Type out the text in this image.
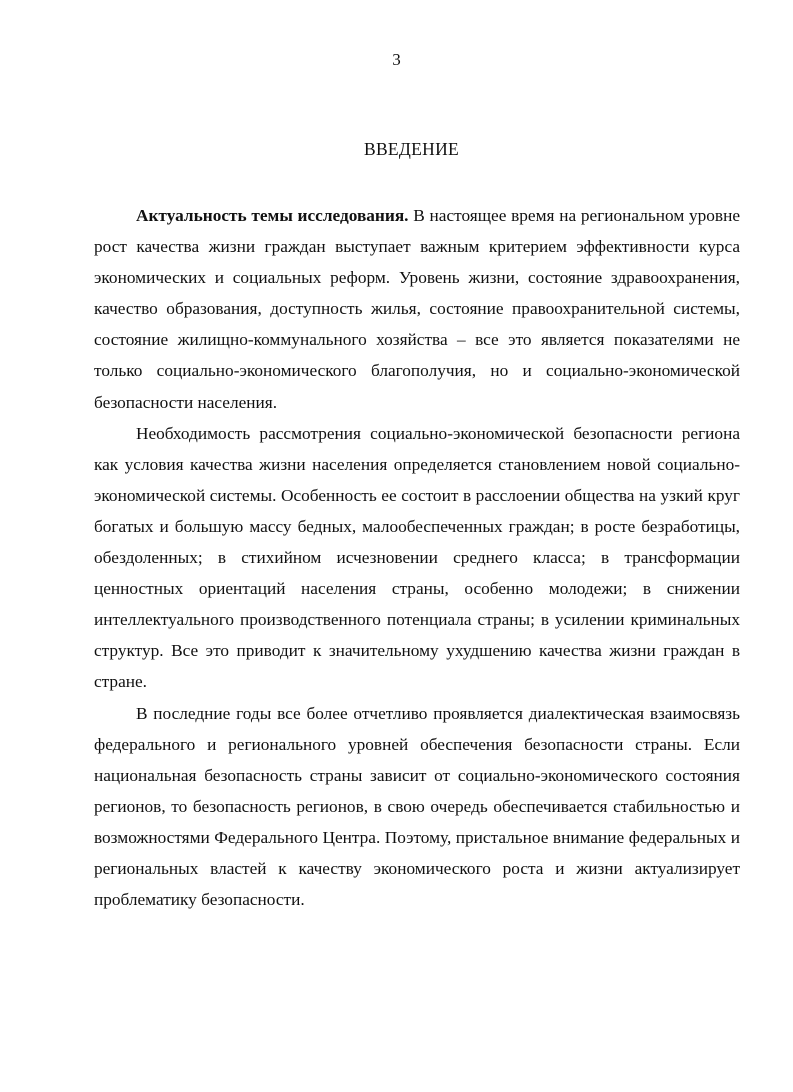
3
ВВЕДЕНИЕ

Актуальность темы исследования. В настоящее время на региональном уровне рост качества жизни граждан выступает важным критерием эффективности курса экономических и социальных реформ. Уровень жизни, состояние здравоохранения, качество образования, доступность жилья, состояние правоохранительной системы, состояние жилищно-коммунального хозяйства – все это является показателями не только социально-экономического благополучия, но и социально-экономической безопасности населения.

Необходимость рассмотрения социально-экономической безопасности региона как условия качества жизни населения определяется становлением новой социально-экономической системы. Особенность ее состоит в расслоении общества на узкий круг богатых и большую массу бедных, малообеспеченных граждан; в росте безработицы, обездоленных; в стихийном исчезновении среднего класса; в трансформации ценностных ориентаций населения страны, особенно молодежи; в снижении интеллектуального производственного потенциала страны; в усилении криминальных структур. Все это приводит к значительному ухудшению качества жизни граждан в стране.

В последние годы все более отчетливо проявляется диалектическая взаимосвязь федерального и регионального уровней обеспечения безопасности страны. Если национальная безопасность страны зависит от социально-экономического состояния регионов, то безопасность регионов, в свою очередь обеспечивается стабильностью и возможностями Федерального Центра. Поэтому, пристальное внимание федеральных и региональных властей к качеству экономического роста и жизни актуализирует проблематику безопасности.
